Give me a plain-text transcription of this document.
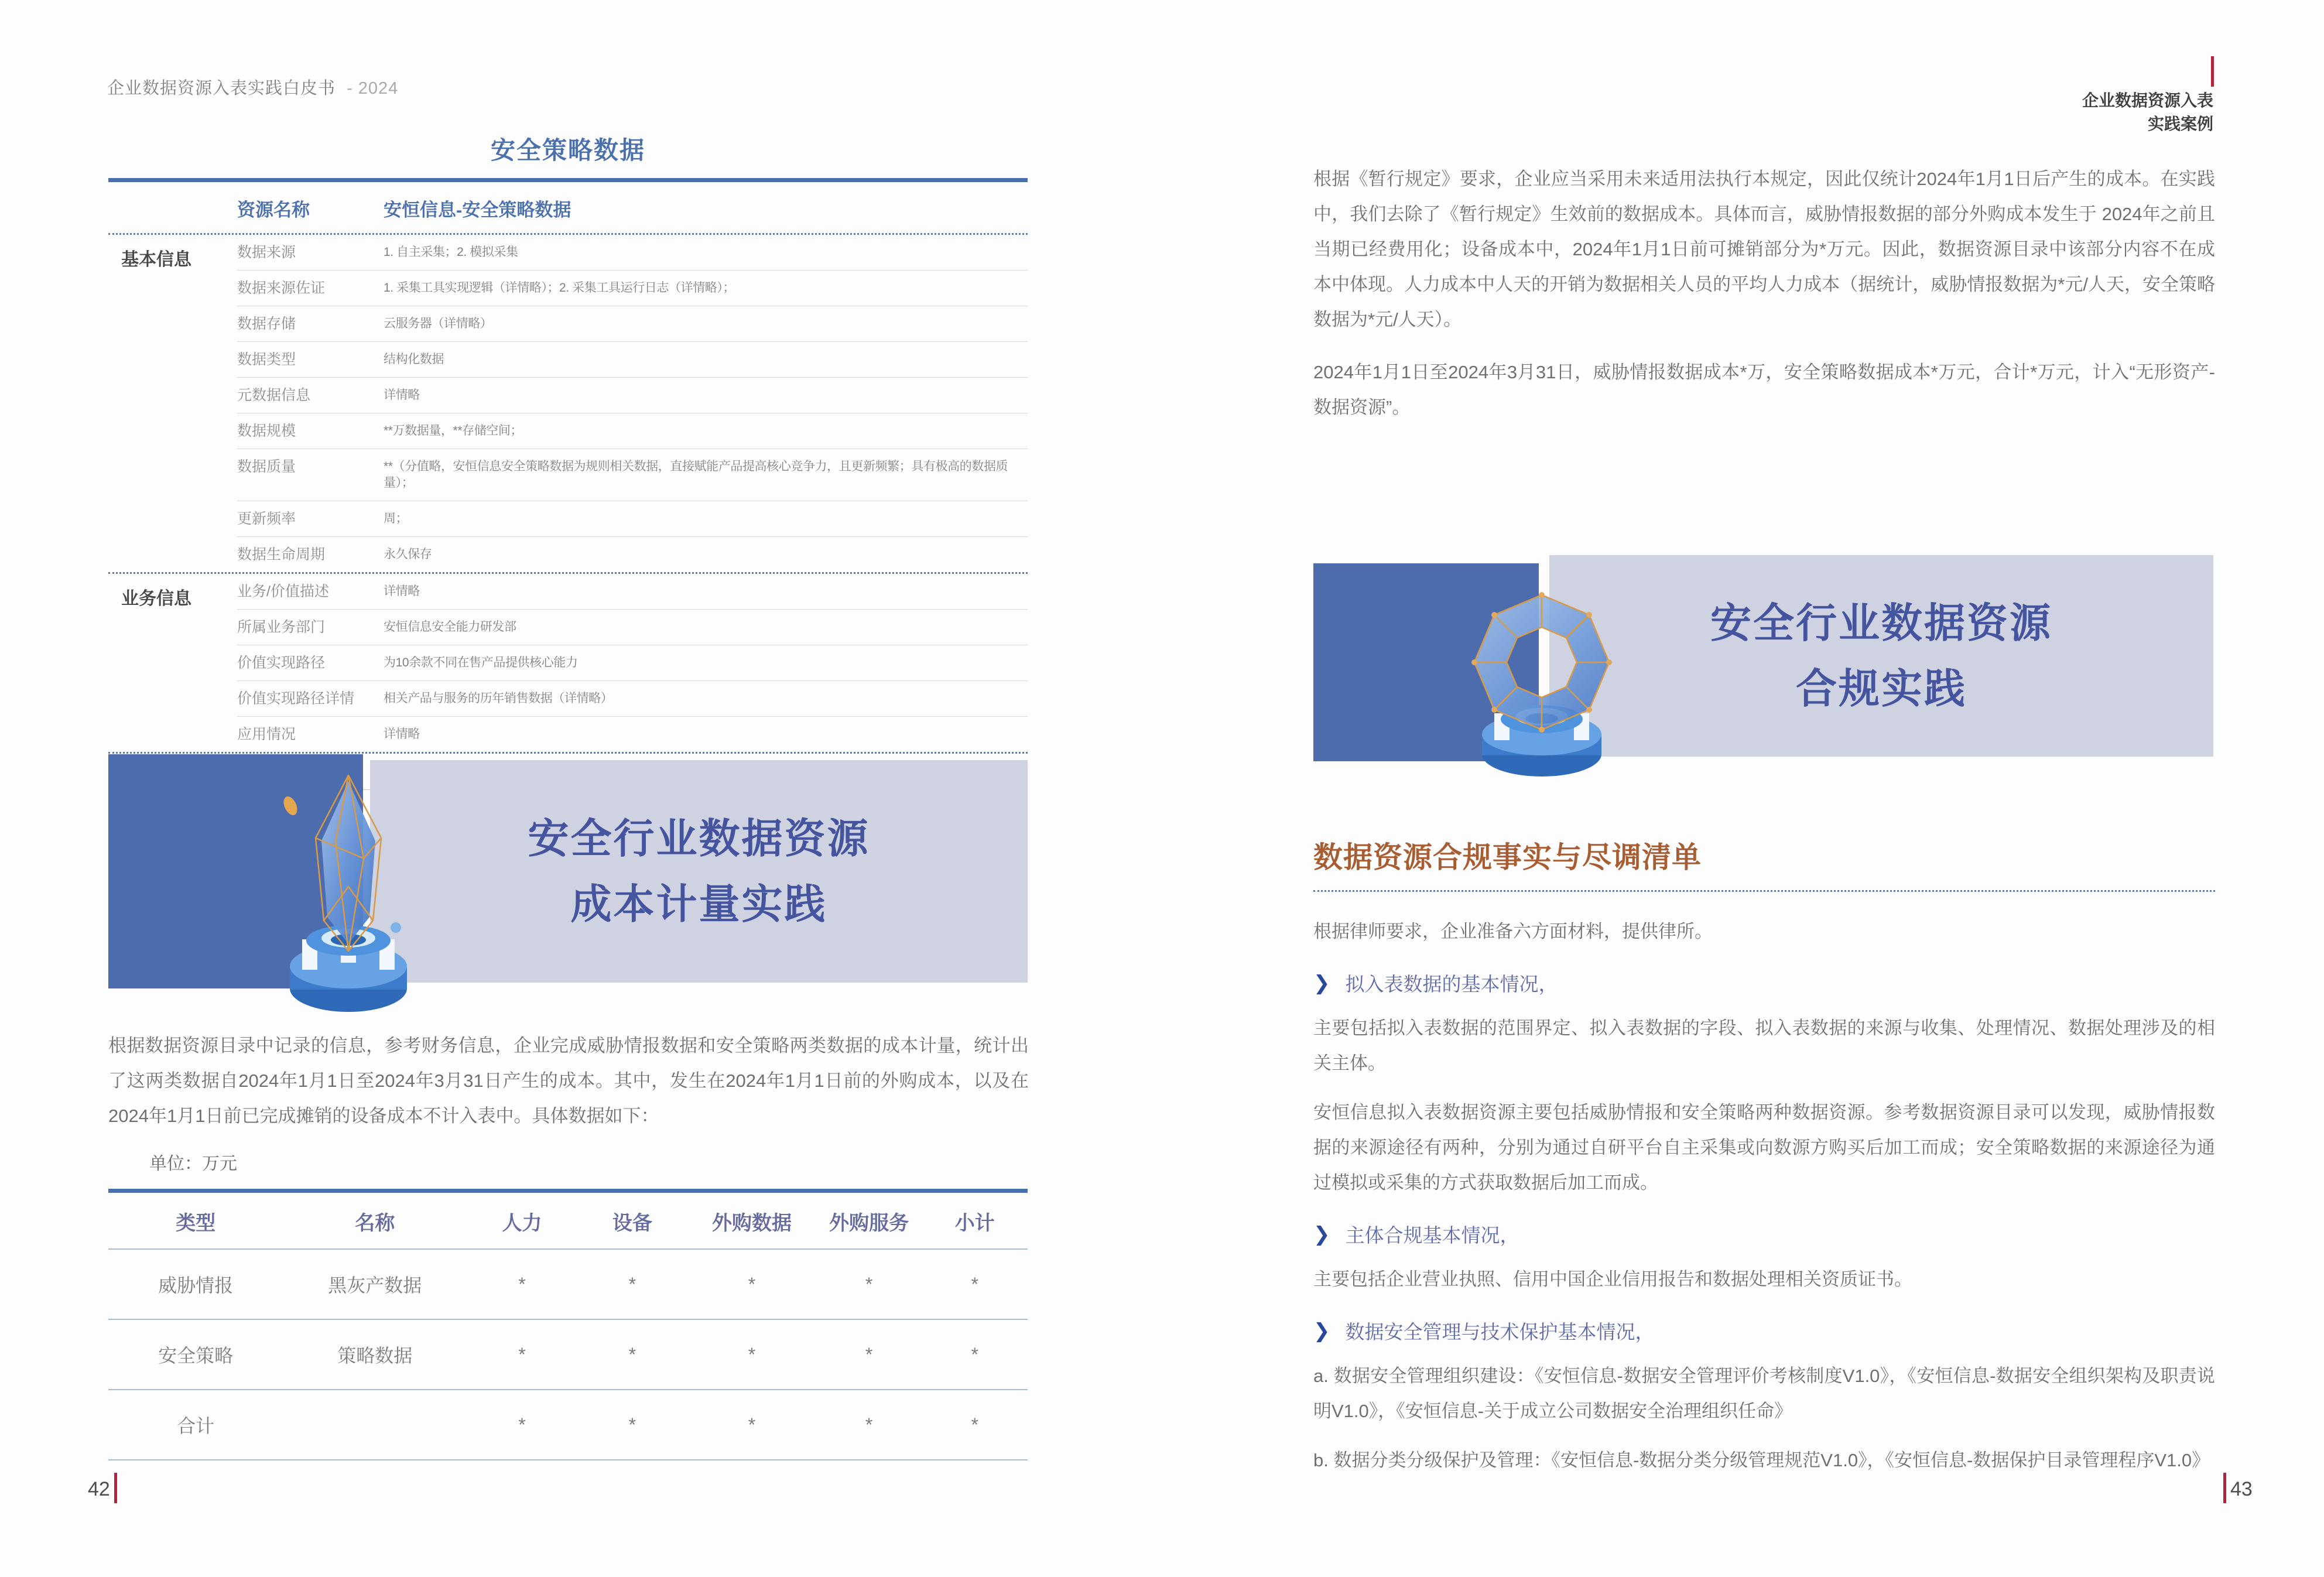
企业数据资源入表实践白皮书 - 2024
安全策略数据
资源名称	安恒信息-安全策略数据
基本信息	数据来源	1. 自主采集；2. 模拟采集
数据来源佐证	1. 采集工具实现逻辑（详情略）；2. 采集工具运行日志（详情略）；
数据存储	云服务器（详情略）
数据类型	结构化数据
元数据信息	详情略
数据规模	**万数据量，**存储空间；
数据质量	**（分值略，安恒信息安全策略数据为规则相关数据，直接赋能产品提高核心竞争力，且更新频繁；具有极高的数据质量）；
更新频率	周；
数据生命周期	永久保存
业务信息	业务/价值描述	详情略
所属业务部门	安恒信息安全能力研发部
价值实现路径	为10余款不同在售产品提供核心能力
价值实现路径详情	相关产品与服务的历年销售数据（详情略）
应用情况	详情略
安全行业数据资源
成本计量实践

根据数据资源目录中记录的信息，参考财务信息，企业完成威胁情报数据和安全策略两类数据的成本计量，统计出了这两类数据自2024年1月1日至2024年3月31日产生的成本。其中，发生在2024年1月1日前的外购成本，以及在2024年1月1日前已完成摊销的设备成本不计入表中。具体数据如下：

单位：万元
类型	名称	人力	设备	外购数据	外购服务	小计
威胁情报	黑灰产数据	*	*	*	*	*
安全策略	策略数据	*	*	*	*	*
合计		*	*	*	*	*
42
企业数据资源入表
实践案例

根据《暂行规定》要求，企业应当采用未来适用法执行本规定，因此仅统计2024年1月1日后产生的成本。在实践中，我们去除了《暂行规定》生效前的数据成本。具体而言，威胁情报数据的部分外购成本发生于 2024年之前且当期已经费用化；设备成本中，2024年1月1日前可摊销部分为*万元。因此，数据资源目录中该部分内容不在成本中体现。人力成本中人天的开销为数据相关人员的平均人力成本（据统计，威胁情报数据为*元/人天，安全策略数据为*元/人天）。

2024年1月1日至2024年3月31日，威胁情报数据成本*万，安全策略数据成本*万元，合计*万元，计入“无形资产-数据资源”。

安全行业数据资源
合规实践
数据资源合规事实与尽调清单

根据律师要求，企业准备六方面材料，提供律所。

❯ 拟入表数据的基本情况，

主要包括拟入表数据的范围界定、拟入表数据的字段、拟入表数据的来源与收集、处理情况、数据处理涉及的相关主体。

安恒信息拟入表数据资源主要包括威胁情报和安全策略两种数据资源。参考数据资源目录可以发现，威胁情报数据的来源途径有两种，分别为通过自研平台自主采集或向数源方购买后加工而成；安全策略数据的来源途径为通过模拟或采集的方式获取数据后加工而成。

❯ 主体合规基本情况，

主要包括企业营业执照、信用中国企业信用报告和数据处理相关资质证书。

❯ 数据安全管理与技术保护基本情况，

a. 数据安全管理组织建设：《安恒信息-数据安全管理评价考核制度V1.0》，《安恒信息-数据安全组织架构及职责说明V1.0》，《安恒信息-关于成立公司数据安全治理组织任命》

b. 数据分类分级保护及管理：《安恒信息-数据分类分级管理规范V1.0》，《安恒信息-数据保护目录管理程序V1.0》

43
